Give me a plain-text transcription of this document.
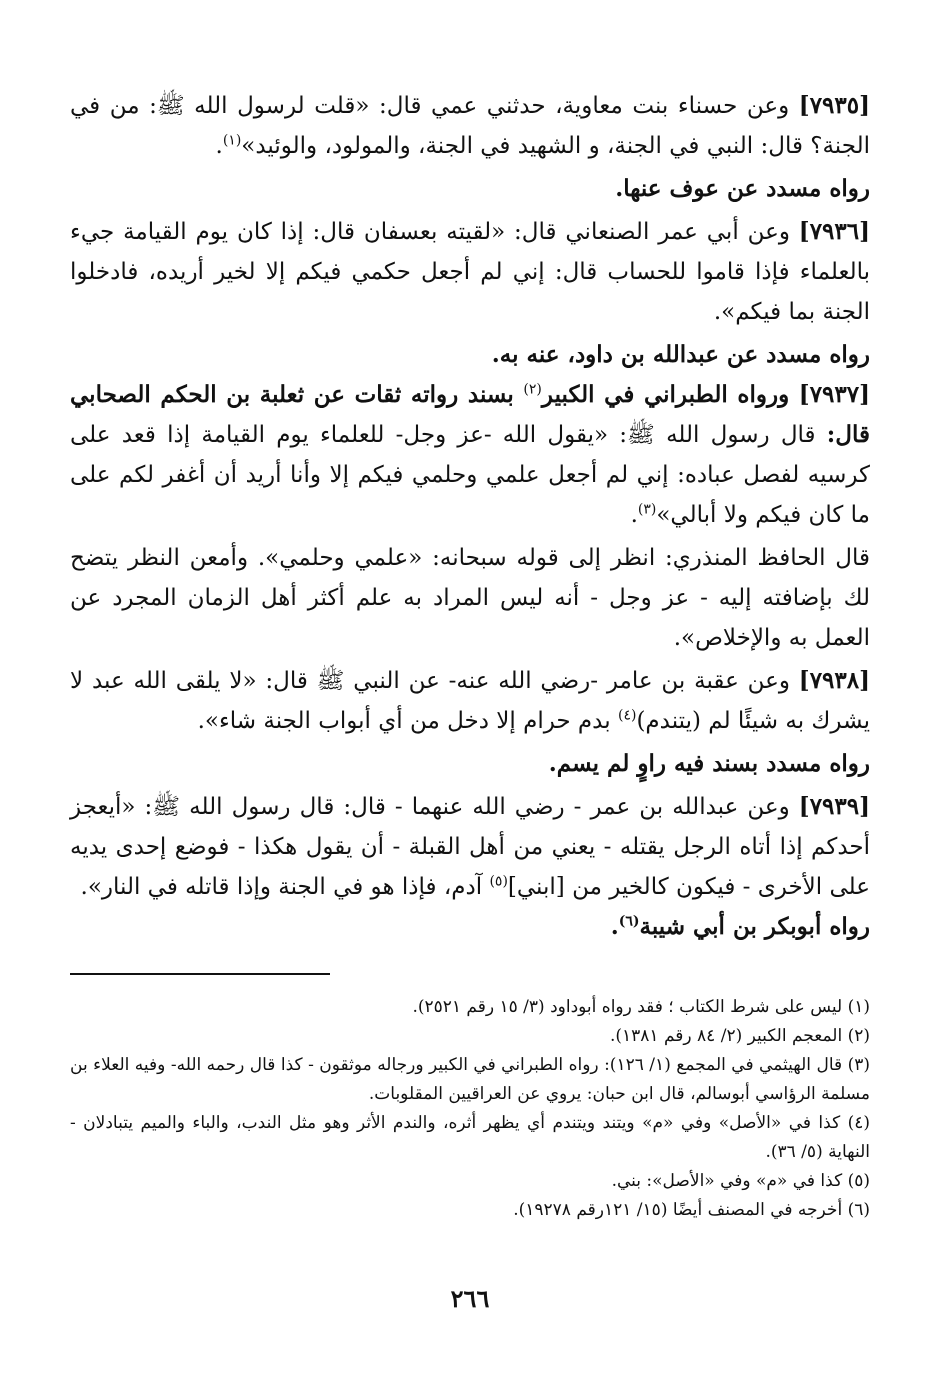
[٧٩٣٥] وعن حسناء بنت معاوية، حدثني عمي قال: «قلت لرسول الله ﷺ: من في الجنة؟ قال: النبي في الجنة، و الشهيد في الجنة، والمولود، والوئيد»$^{(١)}$.

رواه مسدد عن عوف عنها.

[٧٩٣٦] وعن أبي عمر الصنعاني قال: «لقيته بعسفان قال: إذا كان يوم القيامة جيء بالعلماء فإذا قاموا للحساب قال: إني لم أجعل حكمي فيكم إلا لخير أريده، فادخلوا الجنة بما فيكم».

رواه مسدد عن عبدالله بن داود، عنه به.

[٧٩٣٧] ورواه الطبراني في الكبير$^{(٢)}$ بسند رواته ثقات عن ثعلبة بن الحكم الصحابي قال: قال رسول الله ﷺ: «يقول الله -عز وجل- للعلماء يوم القيامة إذا قعد على كرسيه لفصل عباده: إني لم أجعل علمي وحلمي فيكم إلا وأنا أريد أن أغفر لكم على ما كان فيكم ولا أبالي»$^{(٣)}$.

قال الحافظ المنذري: انظر إلى قوله سبحانه: «علمي وحلمي». وأمعن النظر يتضح لك بإضافته إليه - عز وجل - أنه ليس المراد به علم أكثر أهل الزمان المجرد عن العمل به والإخلاص».

[٧٩٣٨] وعن عقبة بن عامر -رضي الله عنه- عن النبي ﷺ قال: «لا يلقى الله عبد لا يشرك به شيئًا لم (يتندم)$^{(٤)}$ بدم حرام إلا دخل من أي أبواب الجنة شاء».

رواه مسدد بسند فيه راوٍ لم يسم.

[٧٩٣٩] وعن عبدالله بن عمر - رضي الله عنهما - قال: قال رسول الله ﷺ: «أيعجز أحدكم إذا أتاه الرجل يقتله - يعني من أهل القبلة - أن يقول هكذا - فوضع إحدى يديه على الأخرى - فيكون كالخير من [ابني]$^{(٥)}$ آدم، فإذا هو في الجنة وإذا قاتله في النار».

رواه أبوبكر بن أبي شيبة$^{(٦)}$.

(١) ليس على شرط الكتاب ؛ فقد رواه أبوداود (٣/ ١٥ رقم ٢٥٢١).

(٢) المعجم الكبير (٢/ ٨٤ رقم ١٣٨١).

(٣) قال الهيثمي في المجمع (١/ ١٢٦): رواه الطبراني في الكبير ورجاله موثقون - كذا قال رحمه الله- وفيه العلاء بن مسلمة الرؤاسي أبوسالم، قال ابن حبان: يروي عن العراقيين المقلوبات.

(٤) كذا في «الأصل» وفي «م» ويتند ويتندم أي يظهر أثره، والندم الأثر وهو مثل الندب، والباء والميم يتبادلان - النهاية (٥/ ٣٦).

(٥) كذا في «م» وفي «الأصل»: بني.

(٦) أخرجه في المصنف أيضًا (١٥/ ١٢١رقم ١٩٢٧٨).

٢٦٦
